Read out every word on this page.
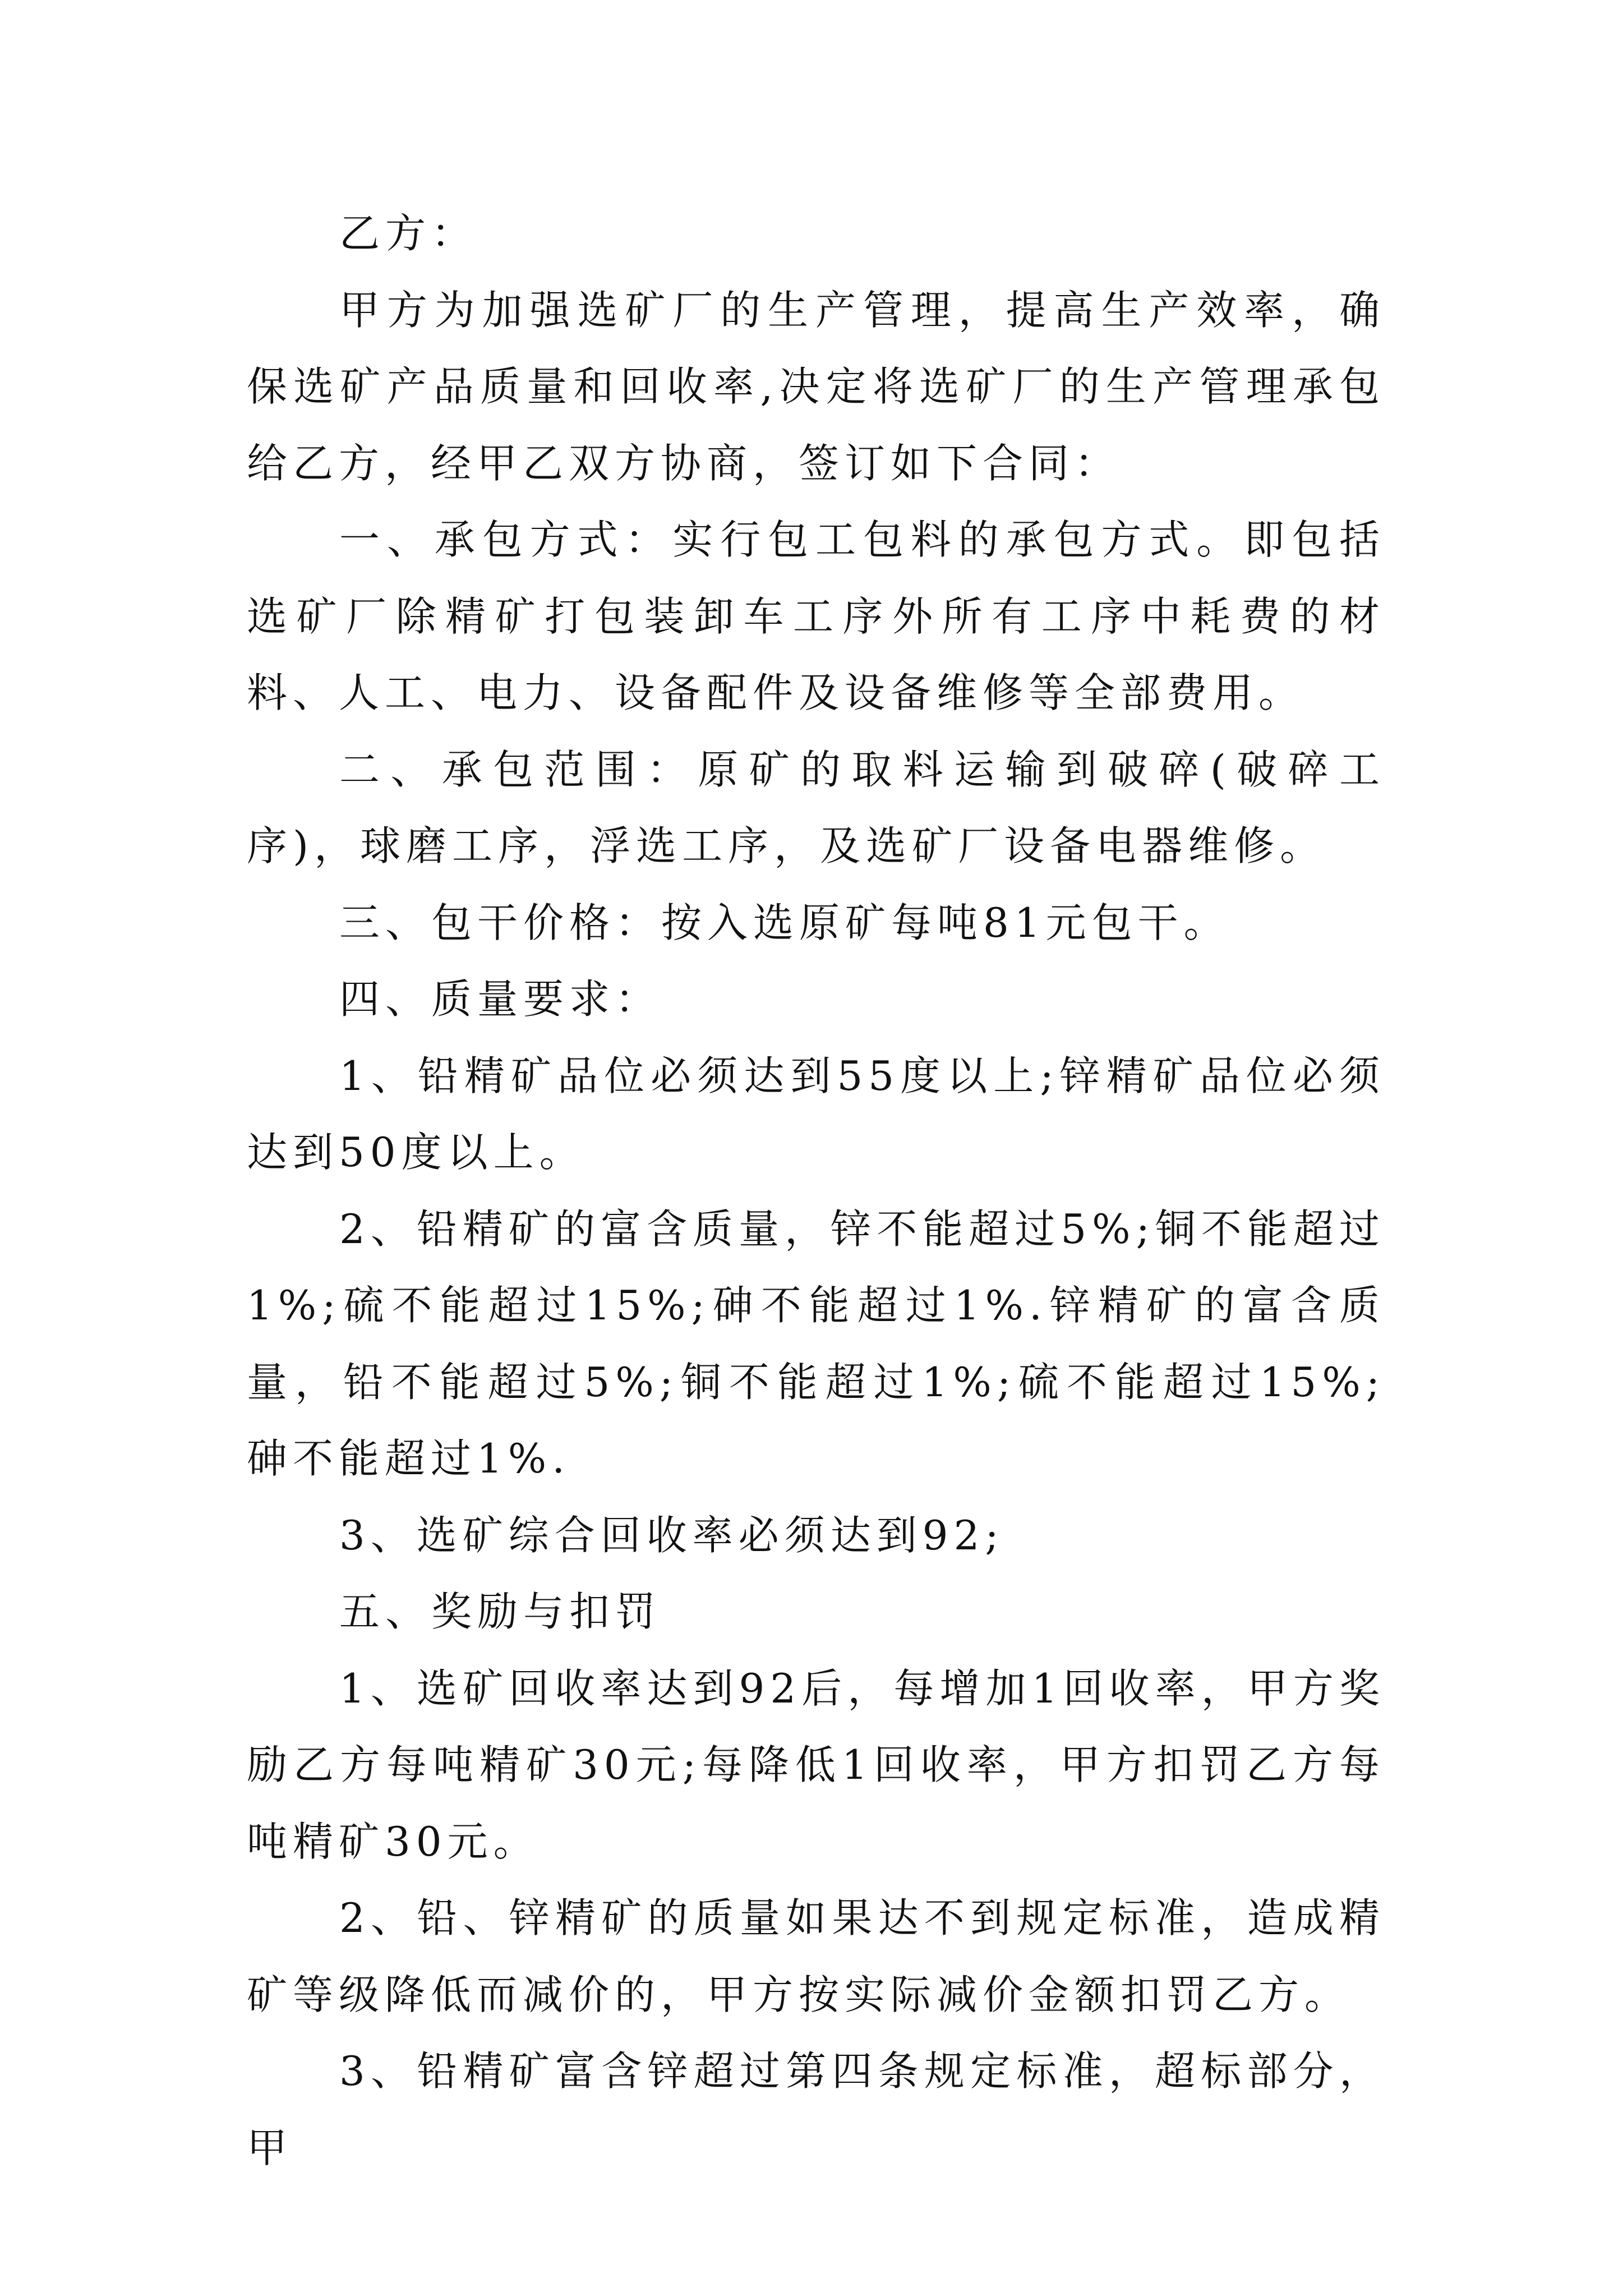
乙方：

甲方为加强选矿厂的生产管理，提高生产效率，确保选矿产品质量和回收率,决定将选矿厂的生产管理承包给乙方，经甲乙双方协商，签订如下合同：

一、承包方式：实行包工包料的承包方式。即包括选矿厂除精矿打包装卸车工序外所有工序中耗费的材料、人工、电力、设备配件及设备维修等全部费用。

二、承包范围：原矿的取料运输到破碎(破碎工序)，球磨工序，浮选工序，及选矿厂设备电器维修。

三、包干价格：按入选原矿每吨81元包干。

四、质量要求：

1、铅精矿品位必须达到55度以上;锌精矿品位必须达到50度以上。

2、铅精矿的富含质量，锌不能超过5%;铜不能超过1%;硫不能超过15%;砷不能超过1%.锌精矿的富含质量，铅不能超过5%;铜不能超过1%;硫不能超过15%;砷不能超过1%.

3、选矿综合回收率必须达到92;

五、奖励与扣罚

1、选矿回收率达到92后，每增加1回收率，甲方奖励乙方每吨精矿30元;每降低1回收率，甲方扣罚乙方每吨精矿30元。

2、铅、锌精矿的质量如果达不到规定标准，造成精矿等级降低而减价的，甲方按实际减价金额扣罚乙方。

3、铅精矿富含锌超过第四条规定标准，超标部分，甲
